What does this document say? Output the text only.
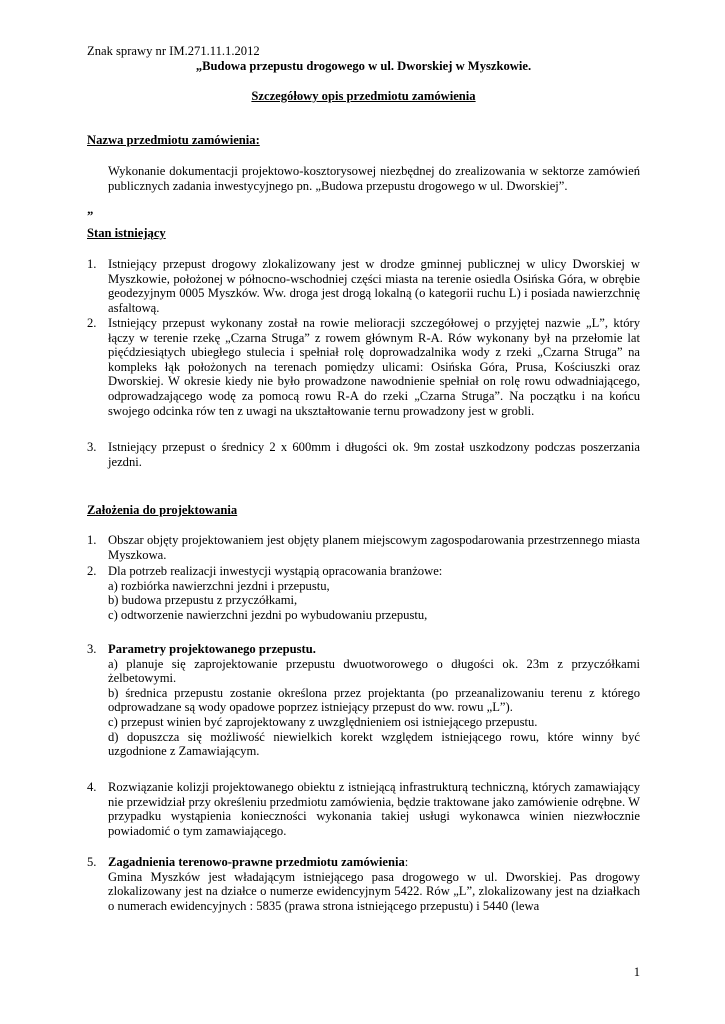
Znak sprawy nr IM.271.11.1.2012
„Budowa przepustu drogowego w ul. Dworskiej w Myszkowie.
Szczegółowy opis przedmiotu zamówienia
Nazwa przedmiotu zamówienia:
Wykonanie dokumentacji projektowo-kosztorysowej niezbędnej do zrealizowania w sektorze zamówień publicznych zadania inwestycyjnego pn. „Budowa przepustu drogowego w ul. Dworskiej”.
”
Stan istniejący
1. Istniejący przepust drogowy zlokalizowany jest w drodze gminnej publicznej w ulicy Dworskiej w Myszkowie, położonej w północno-wschodniej części miasta na terenie osiedla Osińska Góra, w obrębie geodezyjnym 0005 Myszków. Ww. droga jest drogą lokalną (o kategorii ruchu L) i posiada nawierzchnię asfaltową.
2. Istniejący przepust wykonany został na rowie melioracji szczegółowej o przyjętej nazwie „L”, który łączy w terenie rzekę „Czarna Struga” z rowem głównym R-A. Rów wykonany był na przełomie lat pięćdziesiątych ubiegłego stulecia i spełniał rolę doprowadzalnika wody z rzeki „Czarna Struga” na kompleks łąk położonych na terenach pomiędzy ulicami: Osińska Góra, Prusa, Kościuszki oraz Dworskiej. W okresie kiedy nie było prowadzone nawodnienie spełniał on rolę rowu odwadniającego, odprowadzającego wodę za pomocą rowu R-A do rzeki „Czarna Struga”. Na początku i na końcu swojego odcinka rów ten z uwagi na ukształtowanie ternu prowadzony jest w grobli.
3. Istniejący przepust o średnicy 2 x 600mm i długości ok. 9m został uszkodzony podczas poszerzania jezdni.
Założenia do projektowania
1. Obszar objęty projektowaniem jest objęty planem miejscowym zagospodarowania przestrzennego miasta Myszkowa.
2. Dla potrzeb realizacji inwestycji wystąpią opracowania branżowe:

a) rozbiórka nawierzchni jezdni i przepustu,

b) budowa przepustu z przyczółkami,

c) odtworzenie nawierzchni jezdni po wybudowaniu przepustu,

3. Parametry projektowanego przepustu.

a) planuje się zaprojektowanie przepustu dwuotworowego o długości ok. 23m z przyczółkami żelbetowymi.

b) średnica przepustu zostanie określona przez projektanta (po przeanalizowaniu terenu z którego odprowadzane są wody opadowe poprzez istniejący przepust do ww. rowu „L”).

c) przepust winien być zaprojektowany z uwzględnieniem osi istniejącego przepustu.

d) dopuszcza się możliwość niewielkich korekt względem istniejącego rowu, które winny być uzgodnione z Zamawiającym.

4. Rozwiązanie kolizji projektowanego obiektu z istniejącą infrastrukturą techniczną, których zamawiający nie przewidział przy określeniu przedmiotu zamówienia, będzie traktowane jako zamówienie odrębne. W przypadku wystąpienia konieczności wykonania takiej usługi wykonawca winien niezwłocznie powiadomić o tym zamawiającego.
5. Zagadnienia terenowo-prawne przedmiotu zamówienia:

Gmina Myszków jest władającym istniejącego pasa drogowego w ul. Dworskiej. Pas drogowy zlokalizowany jest na działce o numerze ewidencyjnym 5422. Rów „L”, zlokalizowany jest na działkach o numerach ewidencyjnych : 5835 (prawa strona istniejącego przepustu) i 5440 (lewa

1
